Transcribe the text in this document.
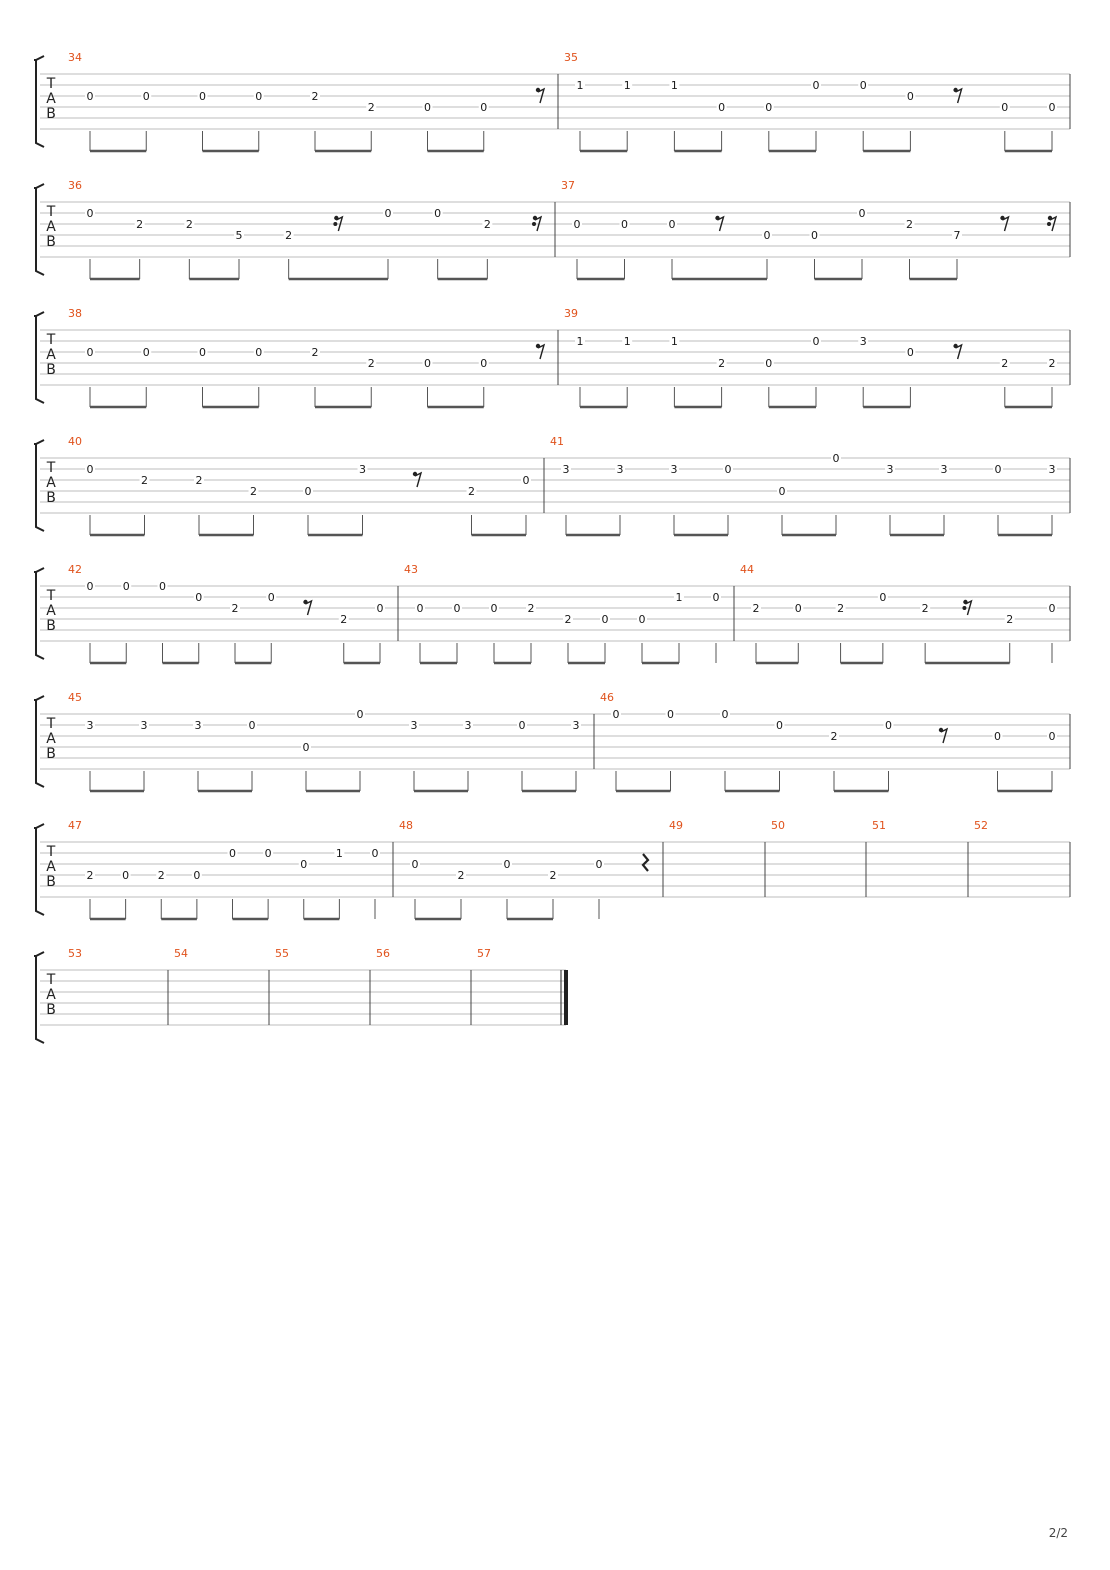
T
A
B
34
0	0	0	0	2
2	0	0
35
1	1	1
0	0
0	0
0
0	0
T
A
B
36
0
2	2
5	2
0	0
2
37
0	0	0
0	0
0
2
7
T
A
B
38
0	0	0	0	2
2	0	0
39
1	1	1
2	0
0	3
0
2	2
T
A
B
40
0
2	2
2	0
3
2
0
41
3	3	3	0
0
0
3	3	0	3
T
A
B
42
0	0	0
0
2
0
2
0
43
0	0	0	2
2	0	0
1	0
44
2	0	2
0
2
2
0
T
A
B
45
3	3	3	0
0
0
3	3	0	3
46
0	0	0
0
2
0
0	0
T
A
B
47
2	0	2	0
0	0
0
1	0
48
0
2
0
2
0
49	50	51	52
T
A
B
53	54	55	56	57
2/2
